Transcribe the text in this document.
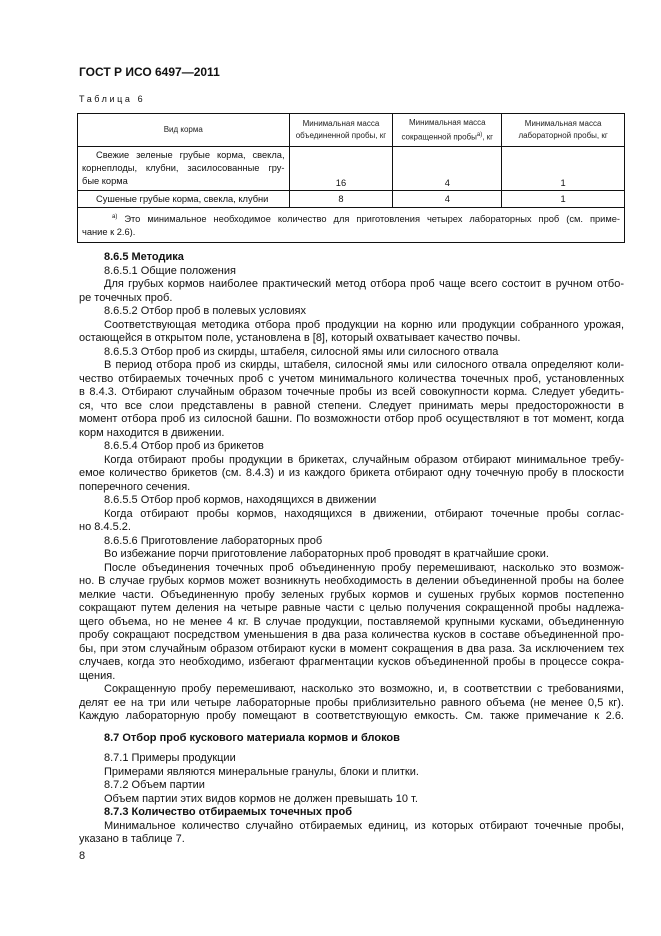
ГОСТ Р ИСО 6497—2011
Таблица 6
Вид корма	Минимальная масса объединенной пробы, кг	Минимальная масса сокращенной пробы$^{а)}$, кг	Минимальная масса лабораторной пробы, кг

Свежие зеленые грубые корма, свекла,
корнеплоды, клубни, засилосованные гру-
бые корма	16	4	1

Сушеные грубые корма, свекла, клубни	8	4	1

$^{а)}$ Это минимальное необходимое количество для приготовления четырех лабораторных проб (см. приме-
чание к 2.6).			
8.6.5 Методика
8.6.5.1 Общие положения
Для грубых кормов наиболее практический метод отбора проб чаще всего состоит в ручном отбо-
ре точечных проб.
8.6.5.2 Отбор проб в полевых условиях
Соответствующая методика отбора проб продукции на корню или продукции собранного урожая,
остающейся в открытом поле, установлена в [8], который охватывает качество почвы.
8.6.5.3 Отбор проб из скирды, штабеля, силосной ямы или силосного отвала
В период отбора проб из скирды, штабеля, силосной ямы или силосного отвала определяют коли-
чество отбираемых точечных проб с учетом минимального количества точечных проб, установленных
в 8.4.3. Отбирают случайным образом точечные пробы из всей совокупности корма. Следует убедить-
ся, что все слои представлены в равной степени. Следует принимать меры предосторожности в
момент отбора проб из силосной башни. По возможности отбор проб осуществляют в тот момент, когда
корм находится в движении.
8.6.5.4 Отбор проб из брикетов
Когда отбирают пробы продукции в брикетах, случайным образом отбирают минимальное требу-
емое количество брикетов (см. 8.4.3) и из каждого брикета отбирают одну точечную пробу в плоскости
поперечного сечения.
8.6.5.5 Отбор проб кормов, находящихся в движении
Когда отбирают пробы кормов, находящихся в движении, отбирают точечные пробы соглас-
но 8.4.5.2.
8.6.5.6 Приготовление лабораторных проб
Во избежание порчи приготовление лабораторных проб проводят в кратчайшие сроки.
После объединения точечных проб объединенную пробу перемешивают, насколько это возмож-
но. В случае грубых кормов может возникнуть необходимость в делении объединенной пробы на более
мелкие части. Объединенную пробу зеленых грубых кормов и сушеных грубых кормов постепенно
сокращают путем деления на четыре равные части с целью получения сокращенной пробы надлежа-
щего объема, но не менее 4 кг. В случае продукции, поставляемой крупными кусками, объединенную
пробу сокращают посредством уменьшения в два раза количества кусков в составе объединенной про-
бы, при этом случайным образом отбирают куски в момент сокращения в два раза. За исключением тех
случаев, когда это необходимо, избегают фрагментации кусков объединенной пробы в процессе сокра-
щения.
Сокращенную пробу перемешивают, насколько это возможно, и, в соответствии с требованиями,
делят ее на три или четыре лабораторные пробы приблизительно равного объема (не менее 0,5 кг).
Каждую лабораторную пробу помещают в соответствующую емкость. См. также примечание к 2.6.
8.7 Отбор проб кускового материала кормов и блоков
8.7.1 Примеры продукции
Примерами являются минеральные гранулы, блоки и плитки.
8.7.2 Объем партии
Объем партии этих видов кормов не должен превышать 10 т.
8.7.3 Количество отбираемых точечных проб
Минимальное количество случайно отбираемых единиц, из которых отбирают точечные пробы,
указано в таблице 7.
8
